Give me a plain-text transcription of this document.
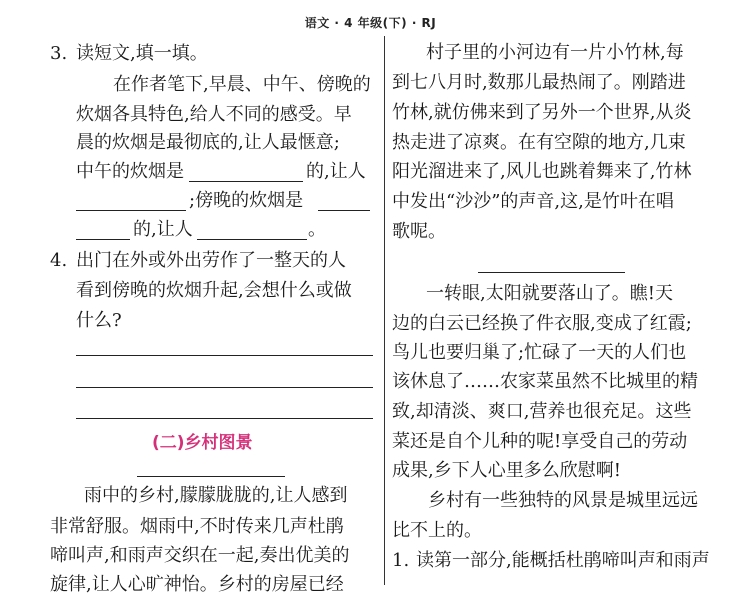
语文 · 4 年级(下) · RJ
3. 读短文,填一填。
在作者笔下,早晨、中午、傍晚的
炊烟各具特色,给人不同的感受。早
晨的炊烟是最彻底的,让人最惬意;
中午的炊烟是	的,让人
;傍晚的炊烟是
的,让人	。
4. 出门在外或外出劳作了一整天的人
看到傍晚的炊烟升起,会想什么或做
什么?
(二)乡村图景
雨中的乡村,朦朦胧胧的,让人感到
非常舒服。烟雨中,不时传来几声杜鹃
啼叫声,和雨声交织在一起,奏出优美的
旋律,让人心旷神怡。乡村的房屋已经
村子里的小河边有一片小竹林,每
到七八月时,数那儿最热闹了。刚踏进
竹林,就仿佛来到了另外一个世界,从炎
热走进了凉爽。在有空隙的地方,几束
阳光溜进来了,风儿也跳着舞来了,竹林
中发出“沙沙”的声音,这,是竹叶在唱
歌呢。
一转眼,太阳就要落山了。瞧!天
边的白云已经换了件衣服,变成了红霞;
鸟儿也要归巢了;忙碌了一天的人们也
该休息了……农家菜虽然不比城里的精
致,却清淡、爽口,营养也很充足。这些
菜还是自个儿种的呢!享受自己的劳动
成果,乡下人心里多么欣慰啊!
乡村有一些独特的风景是城里远远
比不上的。
1. 读第一部分,能概括杜鹃啼叫声和雨声
